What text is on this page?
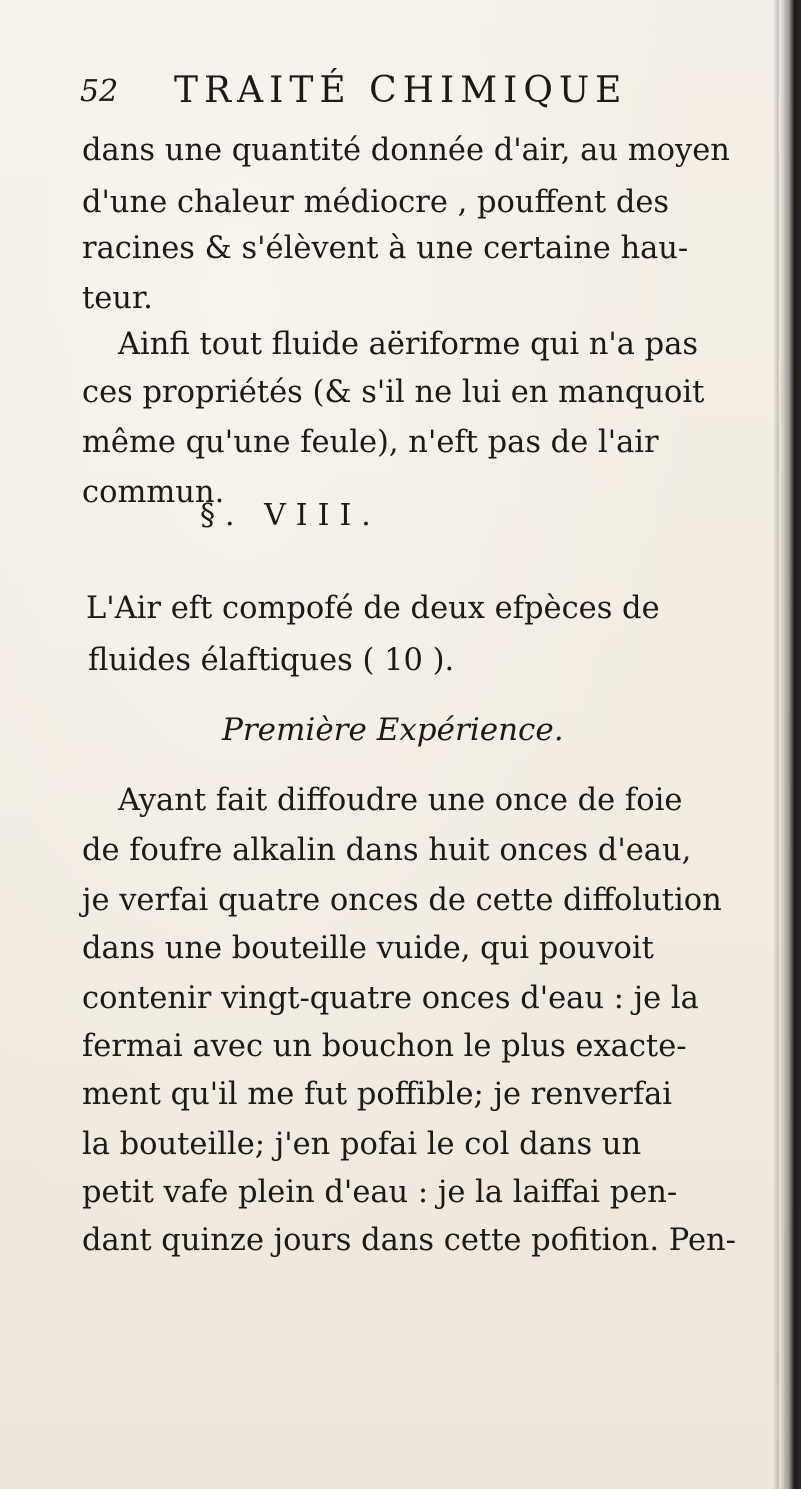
52 TRAITÉ CHIMIQUE
dans une quantité donnée d'air, au moyen
d'une chaleur médiocre , pouffent des
racines & s'élèvent à une certaine hau-
teur.
Ainfi tout fluide aëriforme qui n'a pas
ces propriétés (& s'il ne lui en manquoit
même qu'une feule), n'eft pas de l'air
commun.
§. VIII.
L'Air eft compofé de deux efpèces de
fluides élaftiques ( 10 ).
Première Expérience.
Ayant fait diffoudre une once de foie
de foufre alkalin dans huit onces d'eau,
je verfai quatre onces de cette diffolution
dans une bouteille vuide, qui pouvoit
contenir vingt-quatre onces d'eau : je la
fermai avec un bouchon le plus exacte-
ment qu'il me fut poffible; je renverfai
la bouteille; j'en pofai le col dans un
petit vafe plein d'eau : je la laiffai pen-
dant quinze jours dans cette pofition. Pen-
